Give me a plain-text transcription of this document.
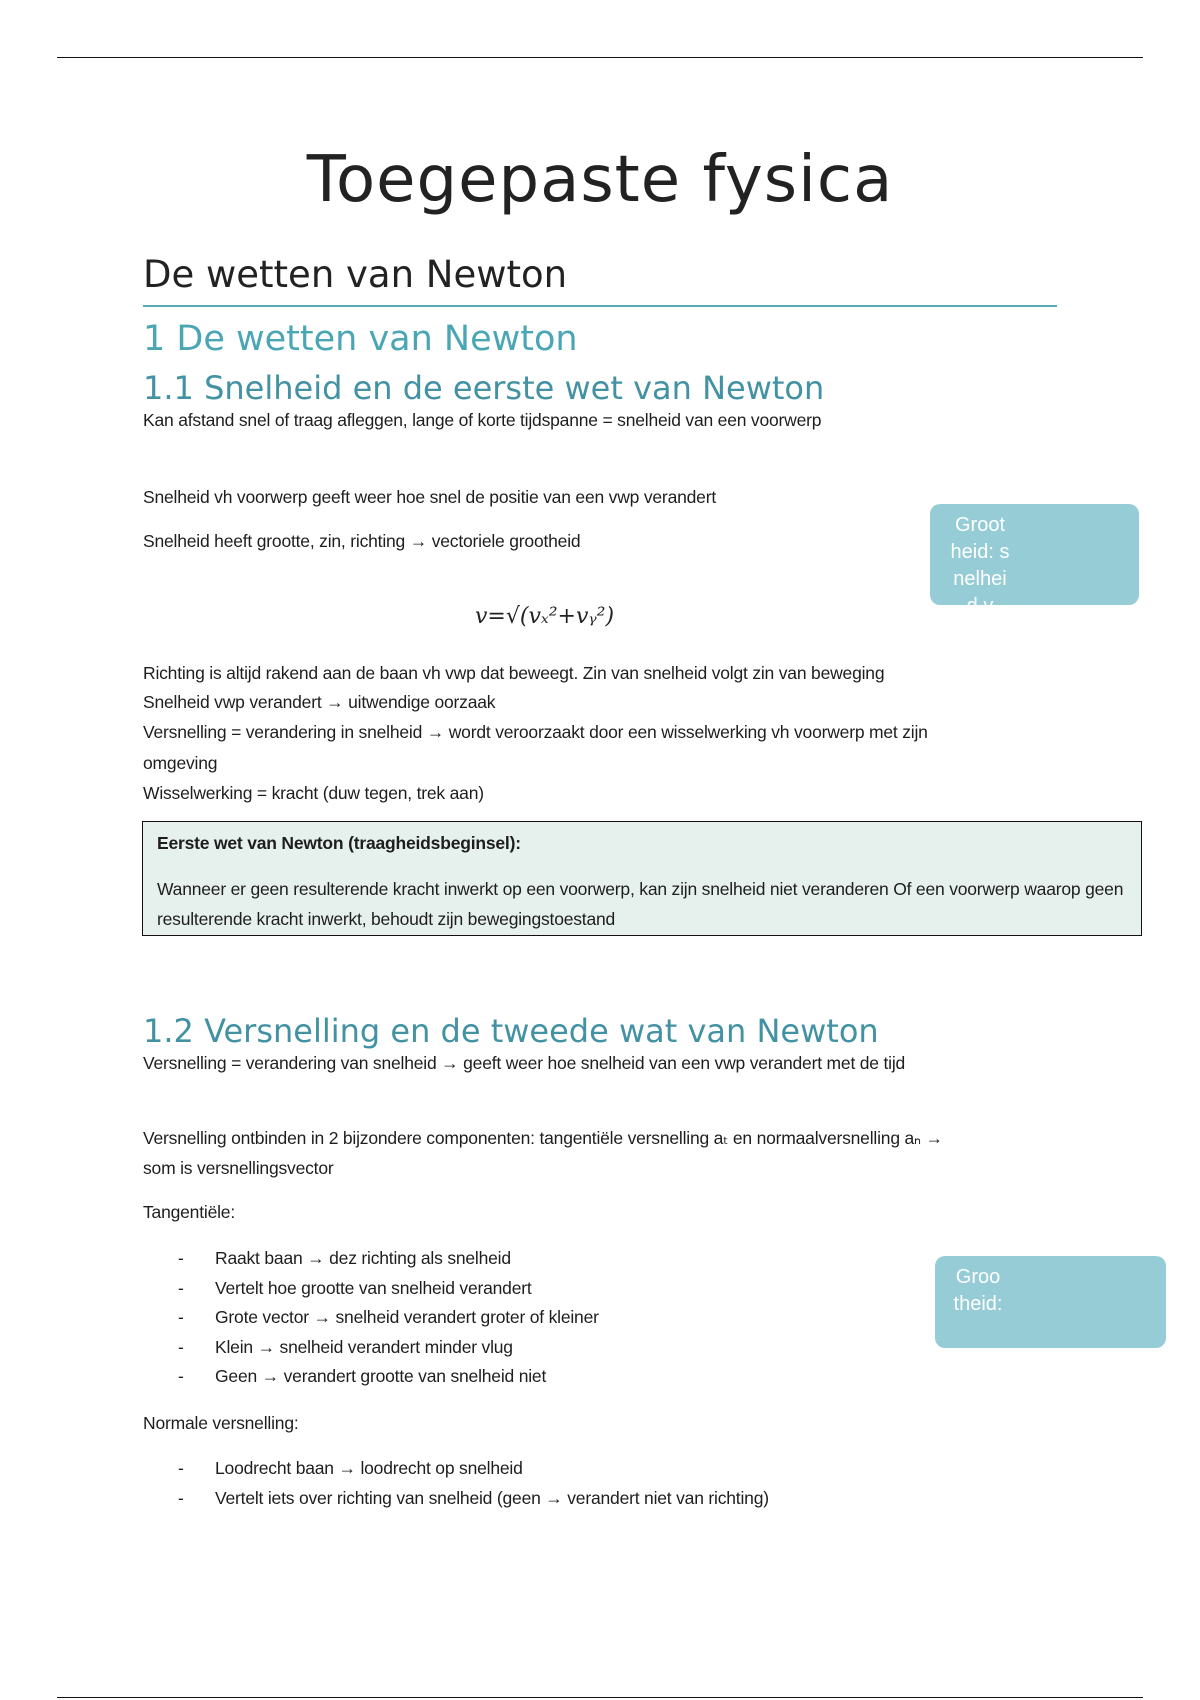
Toegepaste fysica
De wetten van Newton
1 De wetten van Newton
1.1 Snelheid en de eerste wet van Newton
Kan afstand snel of traag afleggen, lange of korte tijdspanne = snelheid van een voorwerp
Snelheid vh voorwerp geeft weer hoe snel de positie van een vwp verandert
Snelheid heeft grootte, zin, richting → vectoriele grootheid
v=√(vₓ²+vᵧ²)
Grootheid: snelheid v
Richting is altijd rakend aan de baan vh vwp dat beweegt. Zin van snelheid volgt zin van beweging
Snelheid vwp verandert → uitwendige oorzaak
Versnelling = verandering in snelheid → wordt veroorzaakt door een wisselwerking vh voorwerp met zijn
omgeving
Wisselwerking = kracht (duw tegen, trek aan)
Eerste wet van Newton (traagheidsbeginsel):
Wanneer er geen resulterende kracht inwerkt op een voorwerp, kan zijn snelheid niet veranderen Of een voorwerp waarop geen resulterende kracht inwerkt, behoudt zijn bewegingstoestand
1.2 Versnelling en de tweede wat van Newton
Versnelling = verandering van snelheid → geeft weer hoe snelheid van een vwp verandert met de tijd
Versnelling ontbinden in 2 bijzondere componenten: tangentiële versnelling aₜ en normaalversnelling aₙ →
som is versnellingsvector
Tangentiële:
- Raakt baan → dez richting als snelheid
- Vertelt hoe grootte van snelheid verandert
- Grote vector → snelheid verandert groter of kleiner
- Klein → snelheid verandert minder vlug
- Geen → verandert grootte van snelheid niet
Grootheid:
Normale versnelling:
- Loodrecht baan → loodrecht op snelheid
- Vertelt iets over richting van snelheid (geen → verandert niet van richting)
